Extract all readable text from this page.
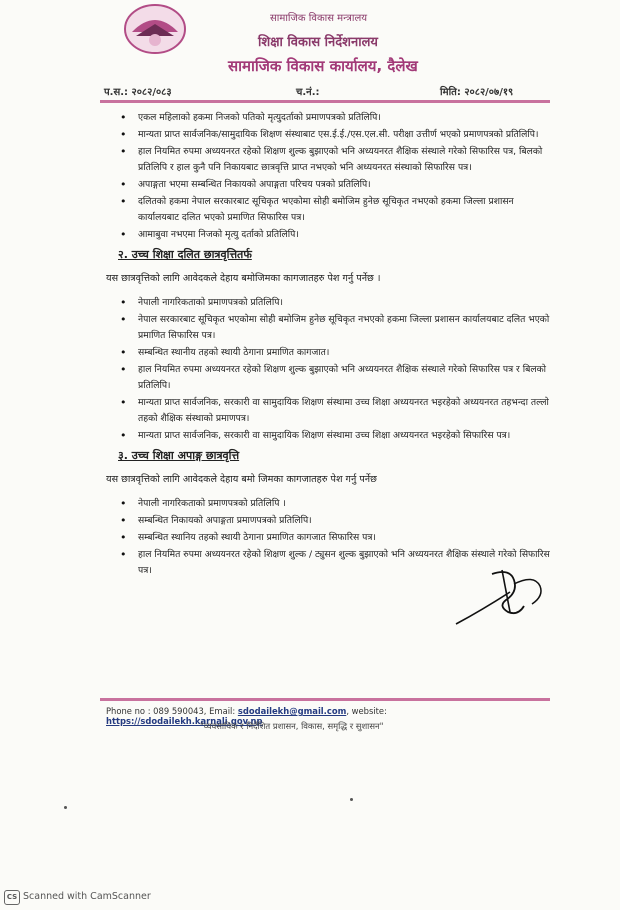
सामाजिक विकास मन्त्रालय
शिक्षा विकास निर्देशनालय
सामाजिक विकास कार्यालय, दैलेख
प.स.: २०८२/०८३	च.नं.:	मिति: २०८२/०७/१९
• एकल महिलाको हकमा निजको पतिको मृत्युदर्ताको प्रमाणपत्रको प्रतिलिपि।
• मान्यता प्राप्त सार्वजनिक/सामुदायिक शिक्षण संस्थाबाट एस.ई.ई./एस.एल.सी. परीक्षा उत्तीर्ण भएको प्रमाणपत्रको प्रतिलिपि।
• हाल नियमित रुपमा अध्ययनरत रहेको शिक्षण शुल्क बुझाएको भनि अध्ययनरत शैक्षिक संस्थाले गरेको सिफारिस पत्र, बिलको प्रतिलिपि र हाल कुनै पनि निकायबाट छात्रवृत्ति प्राप्त नभएको भनि अध्ययनरत संस्थाको सिफारिस पत्र।
• अपाङ्गता भएमा सम्बन्धित निकायको अपाङ्गता परिचय पत्रको प्रतिलिपि।
• दलितको हकमा नेपाल सरकारबाट सूचिकृत भएकोमा सोही बमोजिम हुनेछ सूचिकृत नभएको हकमा जिल्ला प्रशासन कार्यालयबाट दलित भएको प्रमाणित सिफारिस पत्र।
• आमाबुवा नभएमा निजको मृत्यु दर्ताको प्रतिलिपि।
२. उच्च शिक्षा दलित छात्रवृत्तितर्फ
यस छात्रवृत्तिको लागि आवेदकले देहाय बमोजिमका कागजातहरु पेश गर्नु पर्नेछ ।
• नेपाली नागरिकताको प्रमाणपत्रको प्रतिलिपि।
• नेपाल सरकारबाट सूचिकृत भएकोमा सोही बमोजिम हुनेछ सूचिकृत नभएको हकमा जिल्ला प्रशासन कार्यालयबाट दलित भएको प्रमाणित सिफारिस पत्र।
• सम्बन्धित स्थानीय तहको स्थायी ठेगाना प्रमाणित कागजात।
• हाल नियमित रुपमा अध्ययनरत रहेको शिक्षण शुल्क बुझाएको भनि अध्ययनरत शैक्षिक संस्थाले गरेको सिफारिस पत्र र बिलको प्रतिलिपि।
• मान्यता प्राप्त सार्वजनिक, सरकारी वा सामुदायिक शिक्षण संस्थामा उच्च शिक्षा अध्ययनरत भइरहेको अध्ययनरत तहभन्दा तल्लो तहको शैक्षिक संस्थाको प्रमाणपत्र।
• मान्यता प्राप्त सार्वजनिक, सरकारी वा सामुदायिक शिक्षण संस्थामा उच्च शिक्षा अध्ययनरत भइरहेको सिफारिस पत्र।
३. उच्च शिक्षा अपाङ्ग छात्रवृत्ति
यस छात्रवृत्तिको लागि आवेदकले देहाय बमो जिमका कागजातहरु पेश गर्नु पर्नेछ
• नेपाली नागरिकताको प्रमाणपत्रको प्रतिलिपि ।
• सम्बन्धित निकायको अपाङ्गता प्रमाणपत्रको प्रतिलिपि।
• सम्बन्धित स्थानिय तहको स्थायी ठेगाना प्रमाणित कागजात सिफारिस पत्र।
• हाल नियमित रुपमा अध्ययनरत रहेको शिक्षण शुल्क / ट्युसन शुल्क बुझाएको भनि अध्ययनरत शैक्षिक संस्थाले गरेको सिफारिस पत्र।
Phone no : 089 590043, Email: sdodailekh@gmail.com, website: https://sdodailekh.karnali.gov.np
"व्यवसायिक र निर्देशित प्रशासन, विकास, समृद्धि र सुशासन"
CS Scanned with CamScanner
